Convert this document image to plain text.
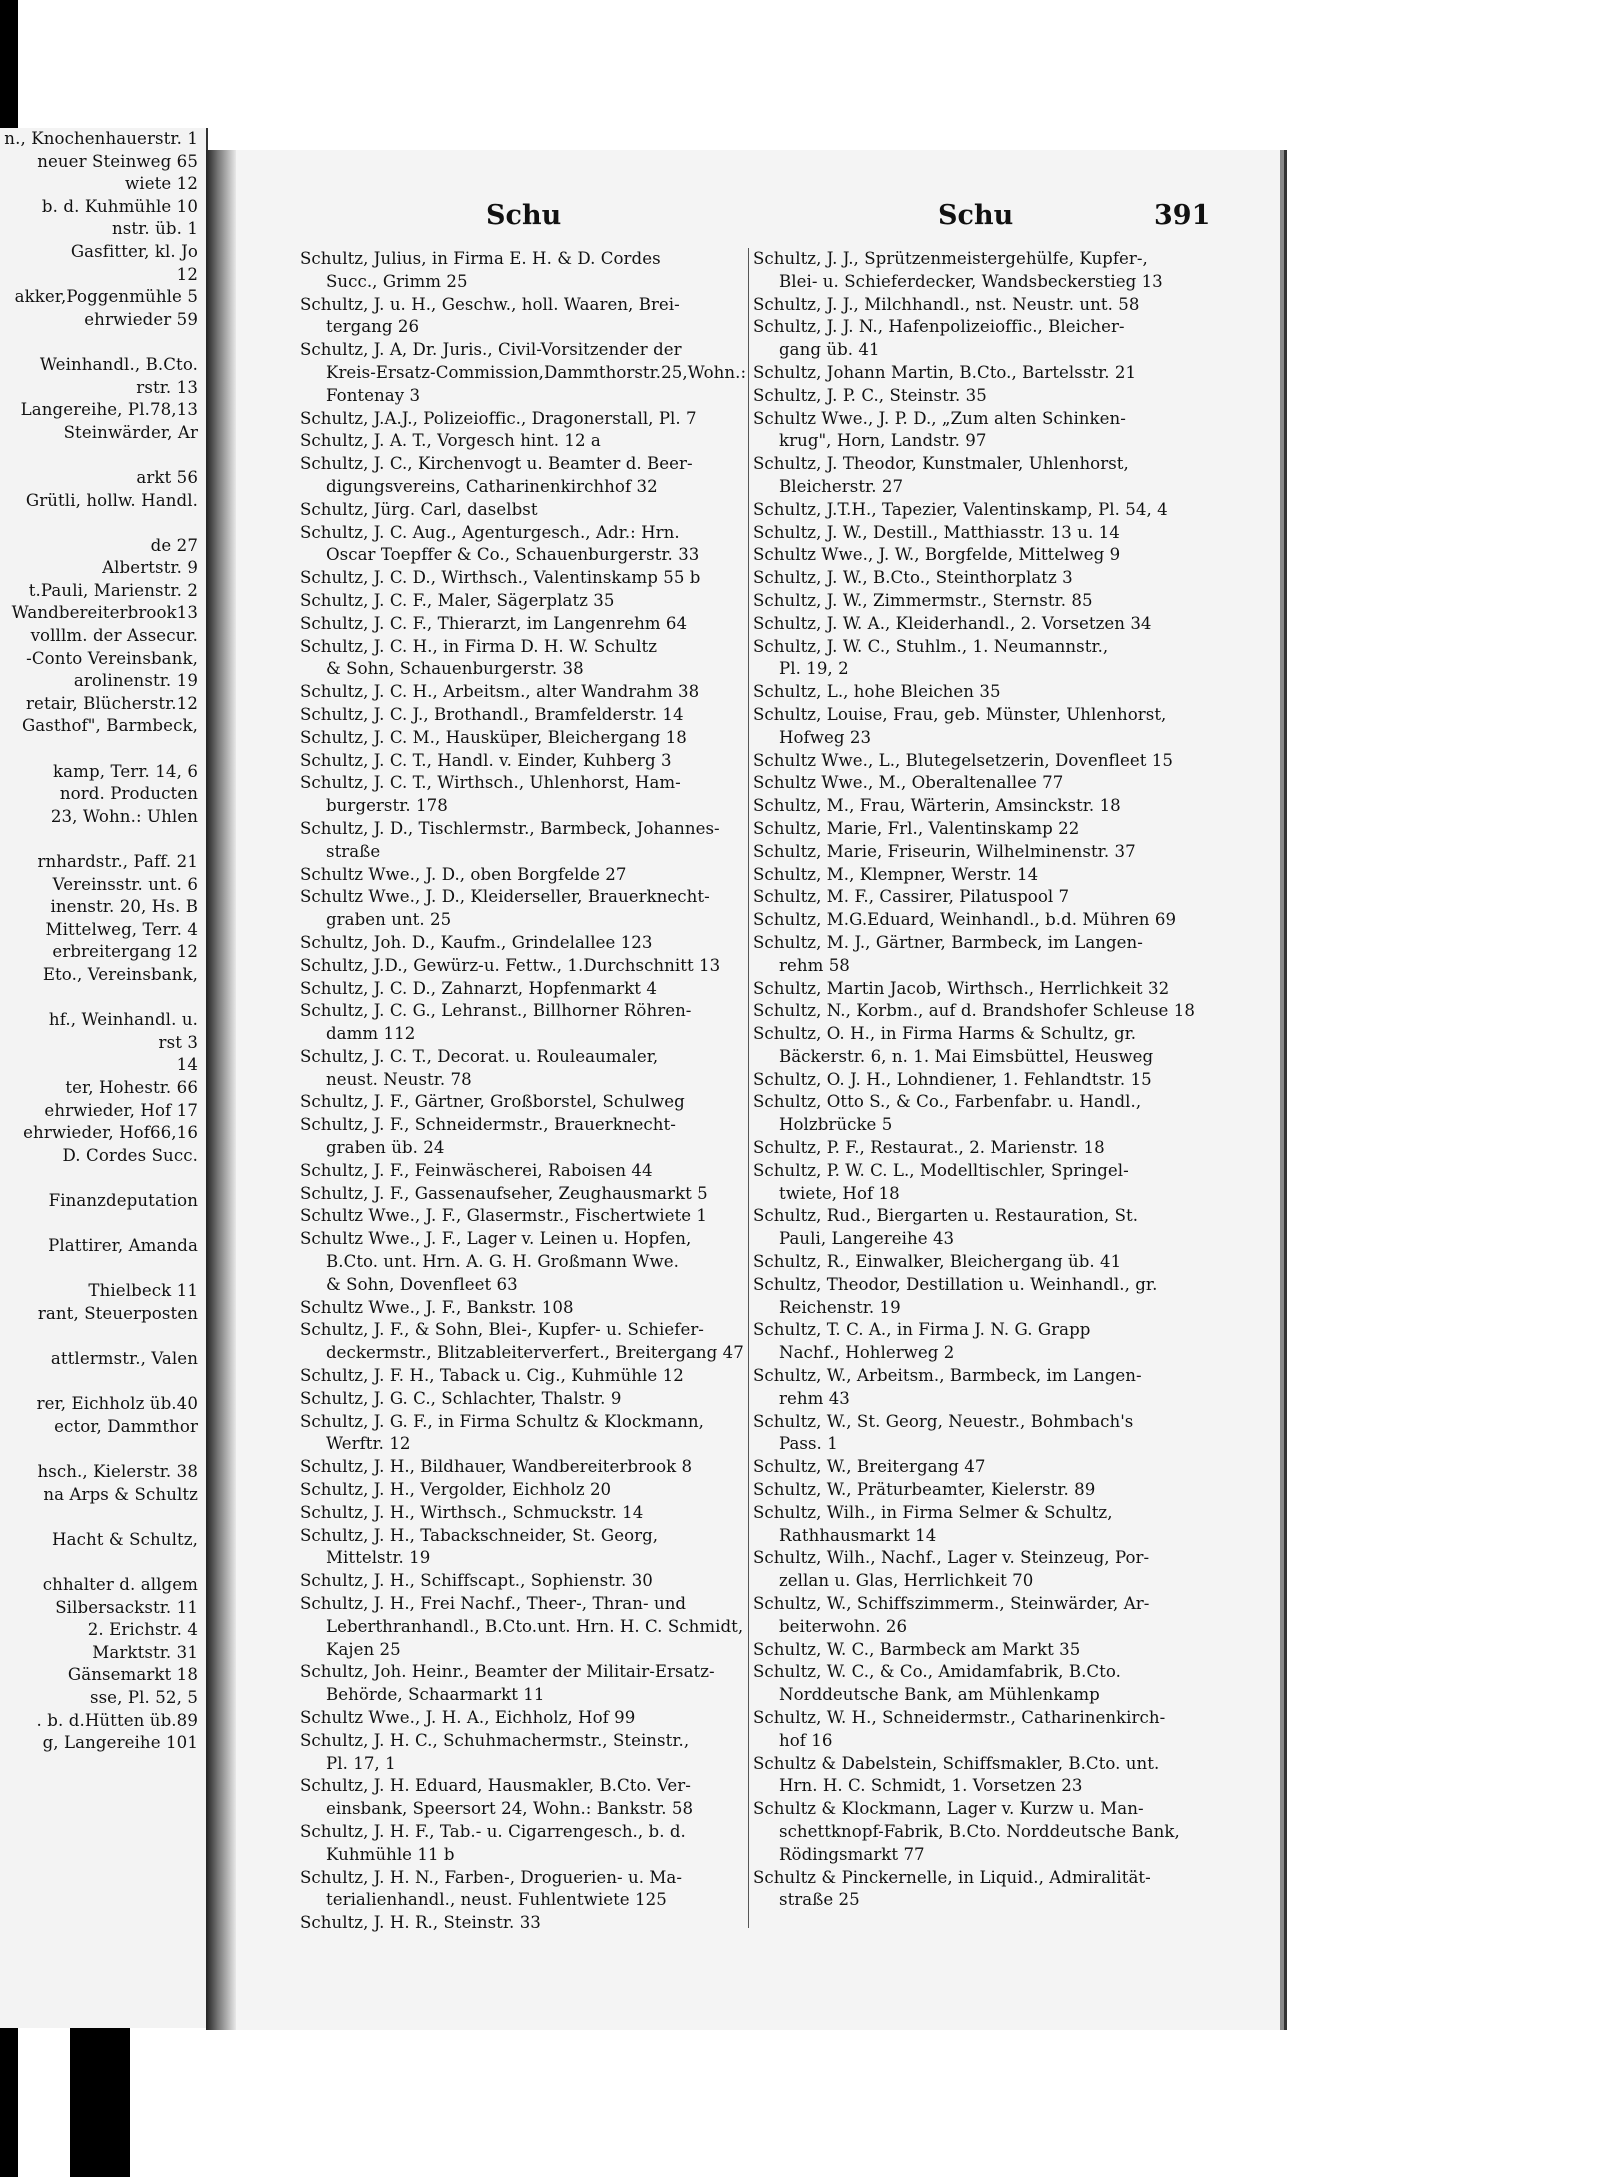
n., Knochenhauerstr. 1
neuer Steinweg 65
wiete 12
b. d. Kuhmühle 10
nstr. üb. 1
Gasfitter, kl. Jo
12
akker,Poggenmühle 5
ehrwieder 59

Weinhandl., B.Cto.
rstr. 13
Langereihe, Pl.78,13
Steinwärder, Ar

arkt 56
Grütli, hollw. Handl.

de 27
Albertstr. 9
t.Pauli, Marienstr. 2
Wandbereiterbrook13
volllm. der Assecur.
-Conto Vereinsbank,
arolinenstr. 19
retair, Blücherstr.12
Gasthof", Barmbeck,

kamp, Terr. 14, 6
nord. Producten
23, Wohn.: Uhlen

rnhardstr., Paff. 21
Vereinsstr. unt. 6
inenstr. 20, Hs. B
Mittelweg, Terr. 4
erbreitergang 12
Eto., Vereinsbank,

hf., Weinhandl. u.
rst 3
14
ter, Hohestr. 66
ehrwieder, Hof 17
ehrwieder, Hof66,16
D. Cordes Succ.

Finanzdeputation

Plattirer, Amanda

Thielbeck 11
rant, Steuerposten

attlermstr., Valen

rer, Eichholz üb.40
ector, Dammthor

hsch., Kielerstr. 38
na Arps & Schultz

Hacht & Schultz,

chhalter d. allgem
Silbersackstr. 11
2. Erichstr. 4
Marktstr. 31
Gänsemarkt 18
sse, Pl. 52, 5
. b. d.Hütten üb.89
g, Langereihe 101
Schu	Schu	391
Schultz, Julius, in Firma E. H. & D. Cordes
Succ., Grimm 25
Schultz, J. u. H., Geschw., holl. Waaren, Brei-
tergang 26
Schultz, J. A, Dr. Juris., Civil-Vorsitzender der
Kreis-Ersatz-Commission,Dammthorstr.25,Wohn.:
Fontenay 3
Schultz, J.A.J., Polizeioffic., Dragonerstall, Pl. 7
Schultz, J. A. T., Vorgesch hint. 12 a
Schultz, J. C., Kirchenvogt u. Beamter d. Beer-
digungsvereins, Catharinenkirchhof 32
Schultz, Jürg. Carl, daselbst
Schultz, J. C. Aug., Agenturgesch., Adr.: Hrn.
Oscar Toepffer & Co., Schauenburgerstr. 33
Schultz, J. C. D., Wirthsch., Valentinskamp 55 b
Schultz, J. C. F., Maler, Sägerplatz 35
Schultz, J. C. F., Thierarzt, im Langenrehm 64
Schultz, J. C. H., in Firma D. H. W. Schultz
& Sohn, Schauenburgerstr. 38
Schultz, J. C. H., Arbeitsm., alter Wandrahm 38
Schultz, J. C. J., Brothandl., Bramfelderstr. 14
Schultz, J. C. M., Hausküper, Bleichergang 18
Schultz, J. C. T., Handl. v. Einder, Kuhberg 3
Schultz, J. C. T., Wirthsch., Uhlenhorst, Ham-
burgerstr. 178
Schultz, J. D., Tischlermstr., Barmbeck, Johannes-
straße
Schultz Wwe., J. D., oben Borgfelde 27
Schultz Wwe., J. D., Kleiderseller, Brauerknecht-
graben unt. 25
Schultz, Joh. D., Kaufm., Grindelallee 123
Schultz, J.D., Gewürz-u. Fettw., 1.Durchschnitt 13
Schultz, J. C. D., Zahnarzt, Hopfenmarkt 4
Schultz, J. C. G., Lehranst., Billhorner Röhren-
damm 112
Schultz, J. C. T., Decorat. u. Rouleaumaler,
neust. Neustr. 78
Schultz, J. F., Gärtner, Großborstel, Schulweg
Schultz, J. F., Schneidermstr., Brauerknecht-
graben üb. 24
Schultz, J. F., Feinwäscherei, Raboisen 44
Schultz, J. F., Gassenaufseher, Zeughausmarkt 5
Schultz Wwe., J. F., Glasermstr., Fischertwiete 1
Schultz Wwe., J. F., Lager v. Leinen u. Hopfen,
B.Cto. unt. Hrn. A. G. H. Großmann Wwe.
& Sohn, Dovenfleet 63
Schultz Wwe., J. F., Bankstr. 108
Schultz, J. F., & Sohn, Blei-, Kupfer- u. Schiefer-
deckermstr., Blitzableiterverfert., Breitergang 47
Schultz, J. F. H., Taback u. Cig., Kuhmühle 12
Schultz, J. G. C., Schlachter, Thalstr. 9
Schultz, J. G. F., in Firma Schultz & Klockmann,
Werftr. 12
Schultz, J. H., Bildhauer, Wandbereiterbrook 8
Schultz, J. H., Vergolder, Eichholz 20
Schultz, J. H., Wirthsch., Schmuckstr. 14
Schultz, J. H., Tabackschneider, St. Georg,
Mittelstr. 19
Schultz, J. H., Schiffscapt., Sophienstr. 30
Schultz, J. H., Frei Nachf., Theer-, Thran- und
Leberthranhandl., B.Cto.unt. Hrn. H. C. Schmidt,
Kajen 25
Schultz, Joh. Heinr., Beamter der Militair-Ersatz-
Behörde, Schaarmarkt 11
Schultz Wwe., J. H. A., Eichholz, Hof 99
Schultz, J. H. C., Schuhmachermstr., Steinstr.,
Pl. 17, 1
Schultz, J. H. Eduard, Hausmakler, B.Cto. Ver-
einsbank, Speersort 24, Wohn.: Bankstr. 58
Schultz, J. H. F., Tab.- u. Cigarrengesch., b. d.
Kuhmühle 11 b
Schultz, J. H. N., Farben-, Droguerien- u. Ma-
terialienhandl., neust. Fuhlentwiete 125
Schultz, J. H. R., Steinstr. 33
Schultz, J. J., Sprützenmeistergehülfe, Kupfer-,
Blei- u. Schieferdecker, Wandsbeckerstieg 13
Schultz, J. J., Milchhandl., nst. Neustr. unt. 58
Schultz, J. J. N., Hafenpolizeioffic., Bleicher-
gang üb. 41
Schultz, Johann Martin, B.Cto., Bartelsstr. 21
Schultz, J. P. C., Steinstr. 35
Schultz Wwe., J. P. D., „Zum alten Schinken-
krug", Horn, Landstr. 97
Schultz, J. Theodor, Kunstmaler, Uhlenhorst,
Bleicherstr. 27
Schultz, J.T.H., Tapezier, Valentinskamp, Pl. 54, 4
Schultz, J. W., Destill., Matthiasstr. 13 u. 14
Schultz Wwe., J. W., Borgfelde, Mittelweg 9
Schultz, J. W., B.Cto., Steinthorplatz 3
Schultz, J. W., Zimmermstr., Sternstr. 85
Schultz, J. W. A., Kleiderhandl., 2. Vorsetzen 34
Schultz, J. W. C., Stuhlm., 1. Neumannstr.,
Pl. 19, 2
Schultz, L., hohe Bleichen 35
Schultz, Louise, Frau, geb. Münster, Uhlenhorst,
Hofweg 23
Schultz Wwe., L., Blutegelsetzerin, Dovenfleet 15
Schultz Wwe., M., Oberaltenallee 77
Schultz, M., Frau, Wärterin, Amsinckstr. 18
Schultz, Marie, Frl., Valentinskamp 22
Schultz, Marie, Friseurin, Wilhelminenstr. 37
Schultz, M., Klempner, Werstr. 14
Schultz, M. F., Cassirer, Pilatuspool 7
Schultz, M.G.Eduard, Weinhandl., b.d. Mühren 69
Schultz, M. J., Gärtner, Barmbeck, im Langen-
rehm 58
Schultz, Martin Jacob, Wirthsch., Herrlichkeit 32
Schultz, N., Korbm., auf d. Brandshofer Schleuse 18
Schultz, O. H., in Firma Harms & Schultz, gr.
Bäckerstr. 6, n. 1. Mai Eimsbüttel, Heusweg
Schultz, O. J. H., Lohndiener, 1. Fehlandtstr. 15
Schultz, Otto S., & Co., Farbenfabr. u. Handl.,
Holzbrücke 5
Schultz, P. F., Restaurat., 2. Marienstr. 18
Schultz, P. W. C. L., Modelltischler, Springel-
twiete, Hof 18
Schultz, Rud., Biergarten u. Restauration, St.
Pauli, Langereihe 43
Schultz, R., Einwalker, Bleichergang üb. 41
Schultz, Theodor, Destillation u. Weinhandl., gr.
Reichenstr. 19
Schultz, T. C. A., in Firma J. N. G. Grapp
Nachf., Hohlerweg 2
Schultz, W., Arbeitsm., Barmbeck, im Langen-
rehm 43
Schultz, W., St. Georg, Neuestr., Bohmbach's
Pass. 1
Schultz, W., Breitergang 47
Schultz, W., Präturbeamter, Kielerstr. 89
Schultz, Wilh., in Firma Selmer & Schultz,
Rathhausmarkt 14
Schultz, Wilh., Nachf., Lager v. Steinzeug, Por-
zellan u. Glas, Herrlichkeit 70
Schultz, W., Schiffszimmerm., Steinwärder, Ar-
beiterwohn. 26
Schultz, W. C., Barmbeck am Markt 35
Schultz, W. C., & Co., Amidamfabrik, B.Cto.
Norddeutsche Bank, am Mühlenkamp
Schultz, W. H., Schneidermstr., Catharinenkirch-
hof 16
Schultz & Dabelstein, Schiffsmakler, B.Cto. unt.
Hrn. H. C. Schmidt, 1. Vorsetzen 23
Schultz & Klockmann, Lager v. Kurzw u. Man-
schettknopf-Fabrik, B.Cto. Norddeutsche Bank,
Rödingsmarkt 77
Schultz & Pinckernelle, in Liquid., Admiralität-
straße 25
